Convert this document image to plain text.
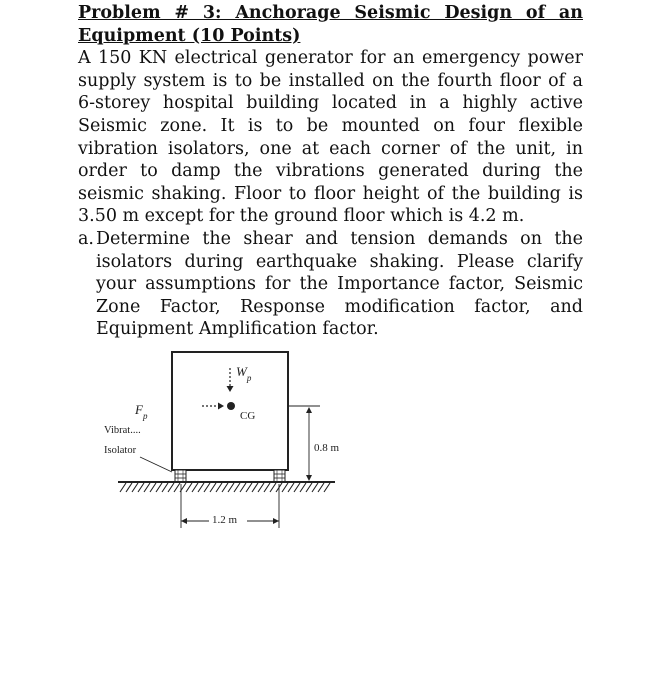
Problem # 3: Anchorage Seismic Design of an Equipment (10 Points)
A 150 KN electrical generator for an emergency power supply system is to be installed on the fourth floor of a 6-storey hospital building located in a highly active Seismic zone. It is to be mounted on four flexible vibration isolators, one at each corner of the unit, in order to damp the vibrations generated during the seismic shaking. Floor to floor height of the building is 3.50 m except for the ground floor which is 4.2 m.
a. Determine the shear and tension demands on the isolators during earthquake shaking. Please clarify your assumptions for the Importance factor, Seismic Zone Factor, Response modification factor, and Equipment Amplification factor.
$W_p$
CG
$F_p$
Vibrat....
Isolator	0.8 m
1.2 m
